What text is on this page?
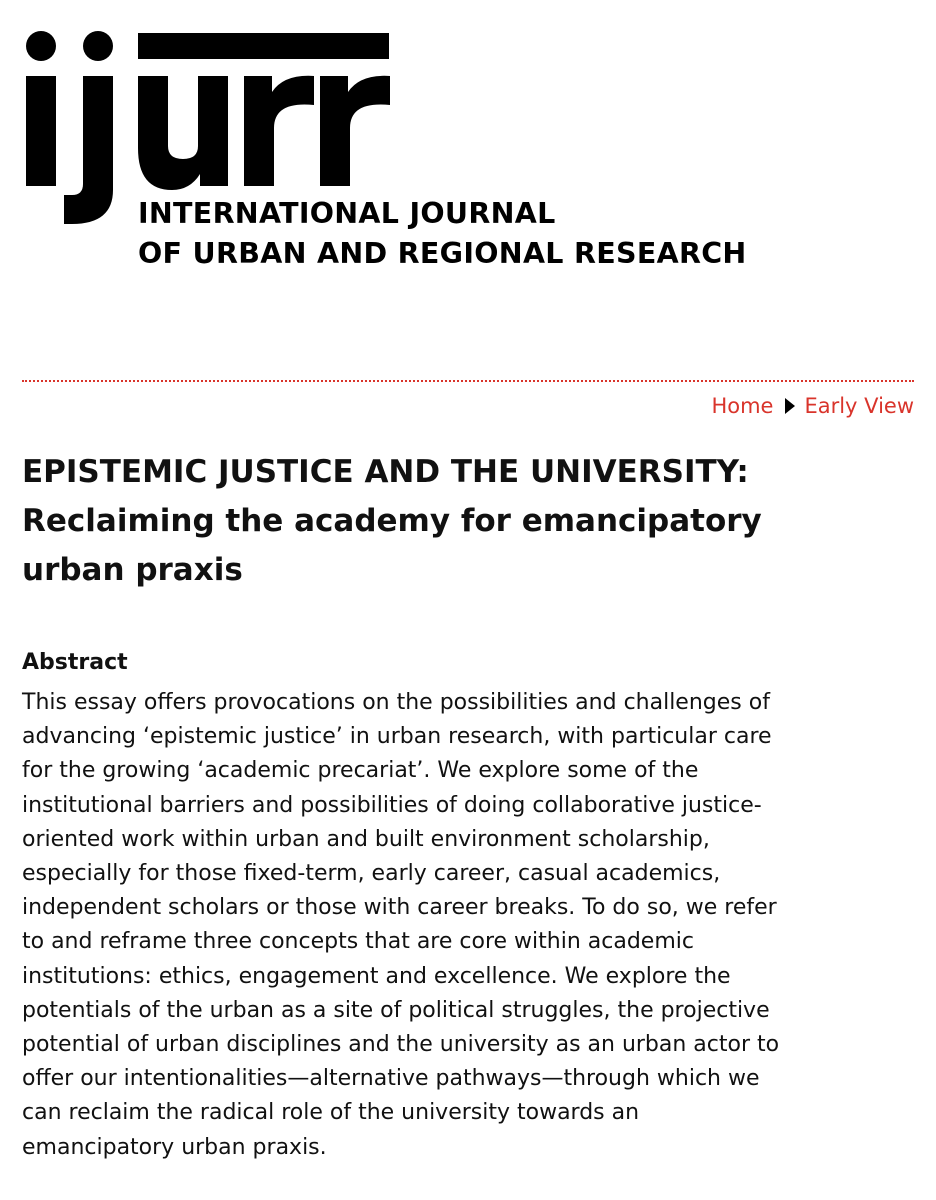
INTERNATIONAL JOURNAL
OF URBAN AND REGIONAL RESEARCH
Home Early View
EPISTEMIC JUSTICE AND THE UNIVERSITY:
Reclaiming the academy for emancipatory
urban praxis
Abstract
This essay offers provocations on the possibilities and challenges of
advancing ‘epistemic justice’ in urban research, with particular care
for the growing ‘academic precariat’. We explore some of the
institutional barriers and possibilities of doing collaborative justice-
oriented work within urban and built environment scholarship,
especially for those fixed-term, early career, casual academics,
independent scholars or those with career breaks. To do so, we refer
to and reframe three concepts that are core within academic
institutions: ethics, engagement and excellence. We explore the
potentials of the urban as a site of political struggles, the projective
potential of urban disciplines and the university as an urban actor to
offer our intentionalities—alternative pathways—through which we
can reclaim the radical role of the university towards an
emancipatory urban praxis.
